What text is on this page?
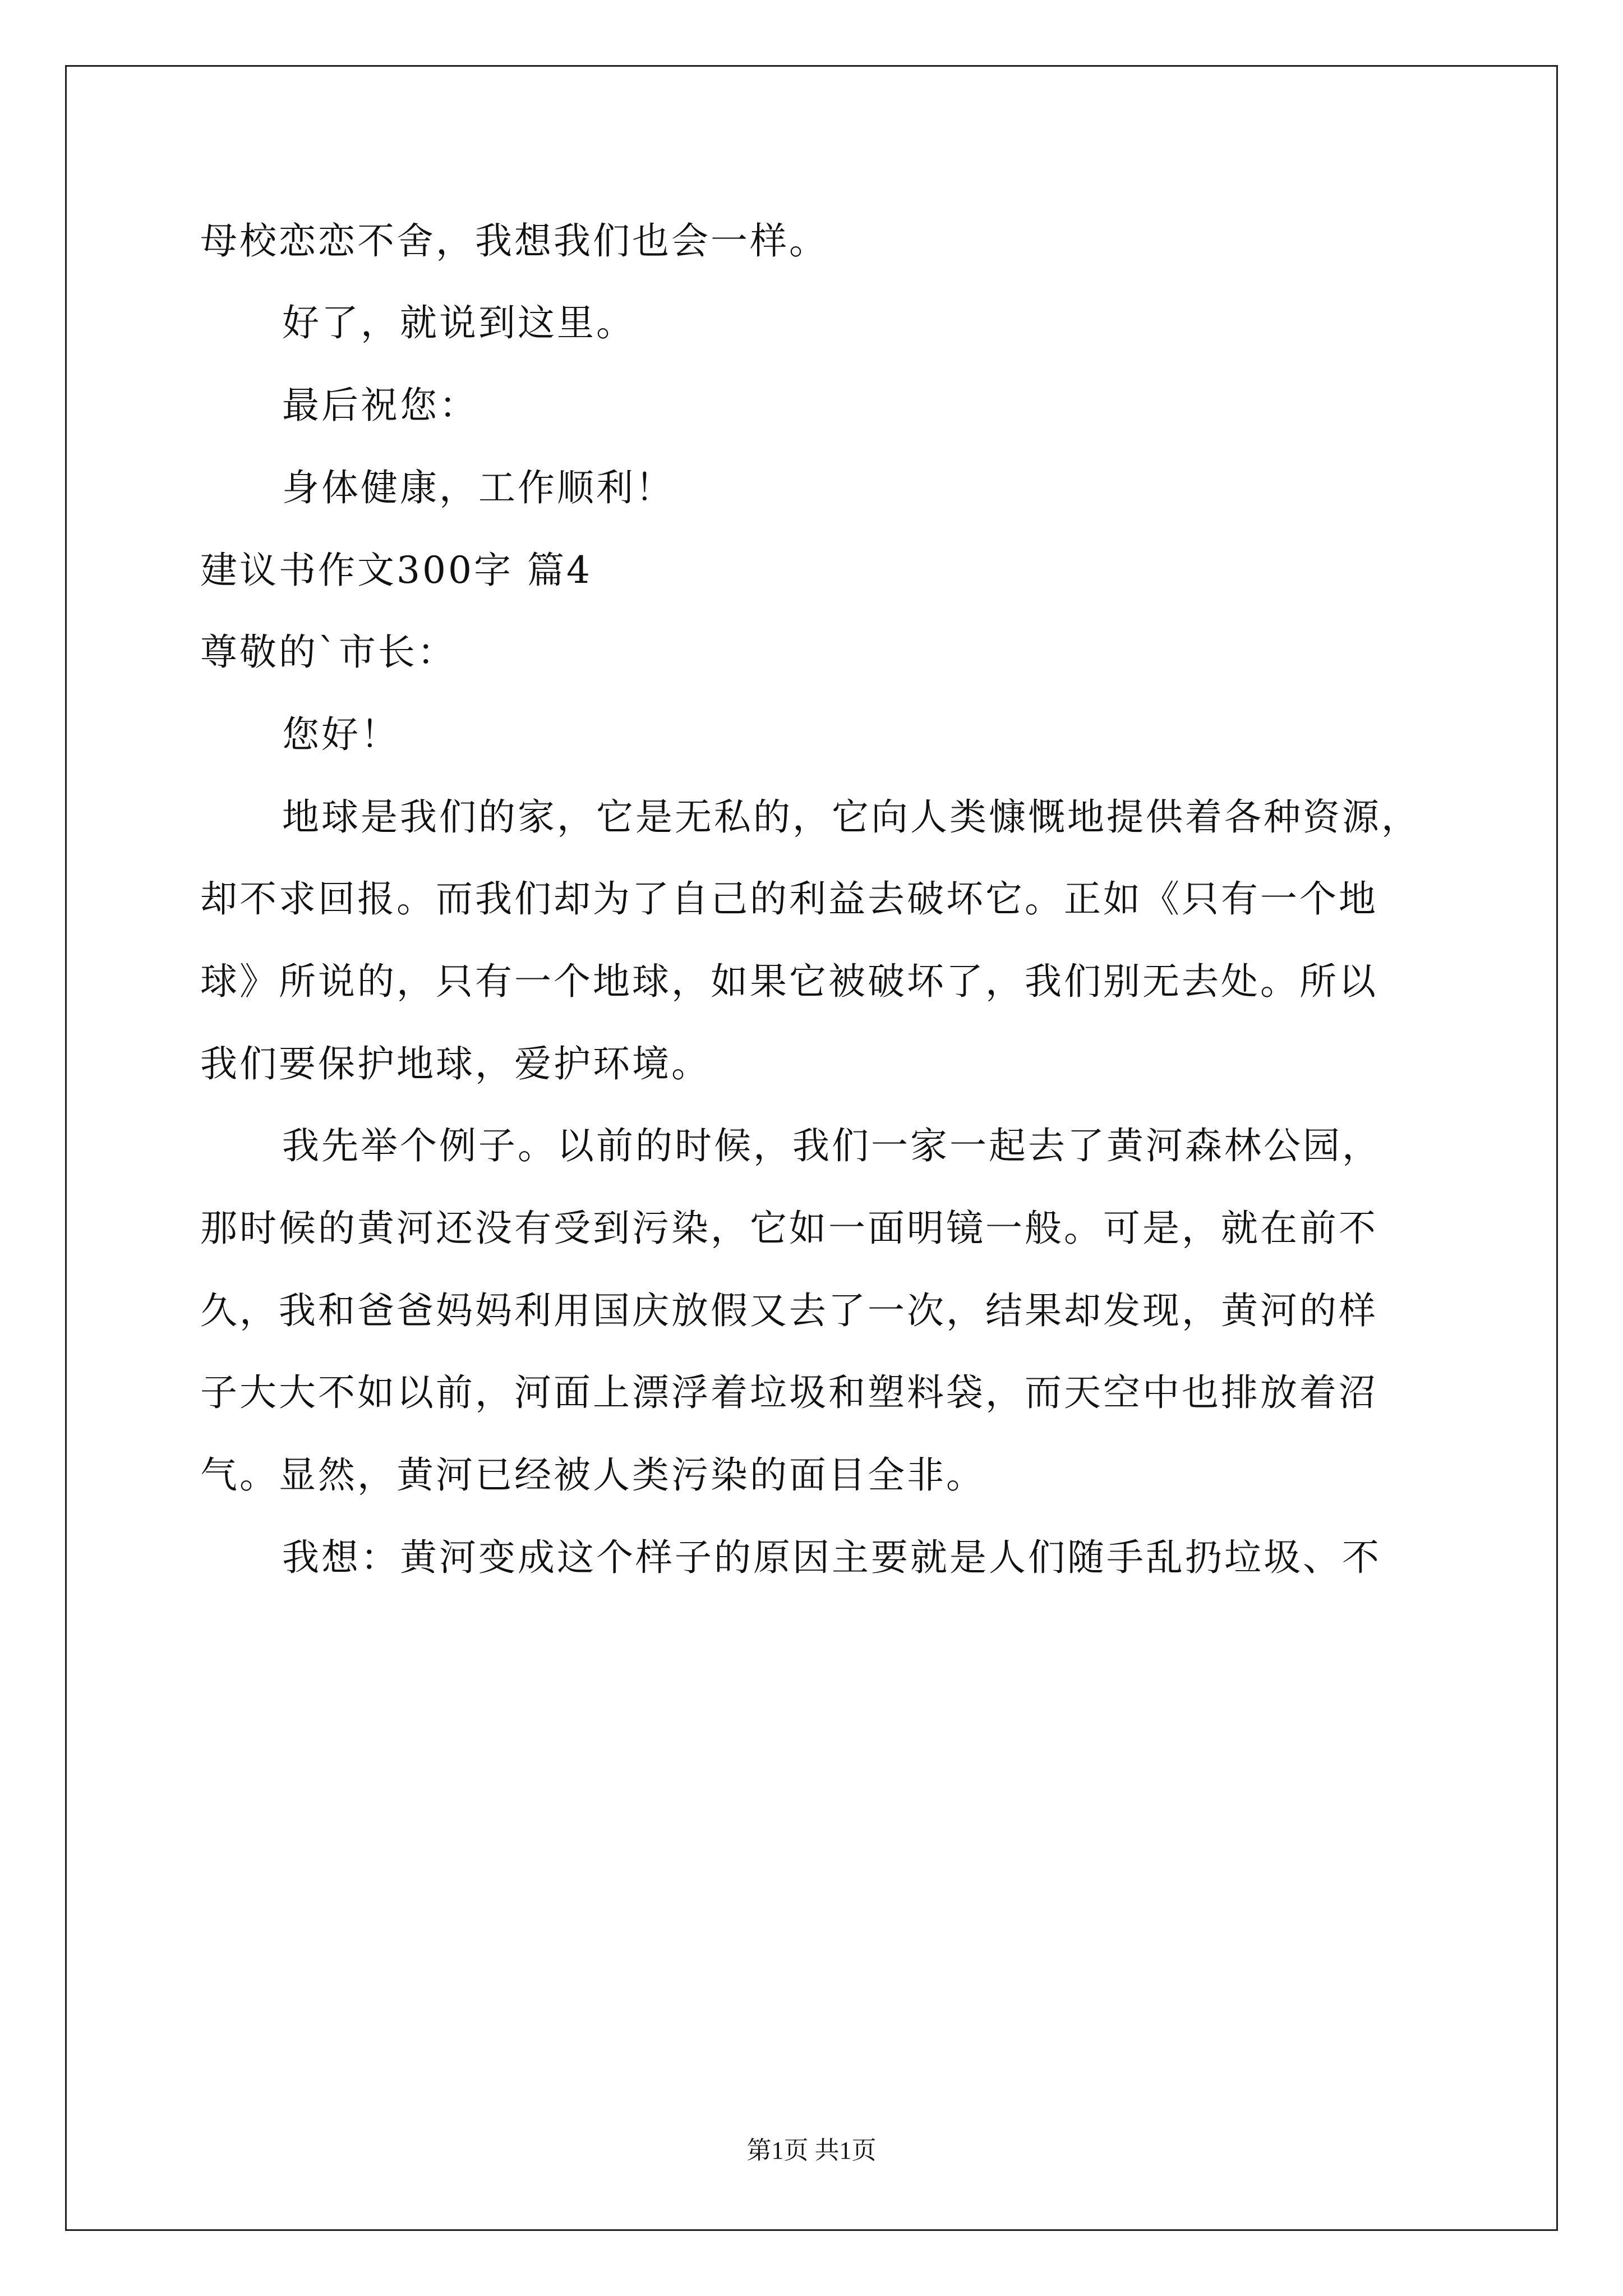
母校恋恋不舍，我想我们也会一样。
好了，就说到这里。
最后祝您：
身体健康，工作顺利！
建议书作文300字 篇4
尊敬的`市长：
您好！
地球是我们的家，它是无私的，它向人类慷慨地提供着各种资源，
却不求回报。而我们却为了自己的利益去破坏它。正如《只有一个地
球》所说的，只有一个地球，如果它被破坏了，我们别无去处。所以
我们要保护地球，爱护环境。
我先举个例子。以前的时候，我们一家一起去了黄河森林公园，
那时候的黄河还没有受到污染，它如一面明镜一般。可是，就在前不
久，我和爸爸妈妈利用国庆放假又去了一次，结果却发现，黄河的样
子大大不如以前，河面上漂浮着垃圾和塑料袋，而天空中也排放着沼
气。显然，黄河已经被人类污染的面目全非。
我想：黄河变成这个样子的原因主要就是人们随手乱扔垃圾、不
第1页 共1页
